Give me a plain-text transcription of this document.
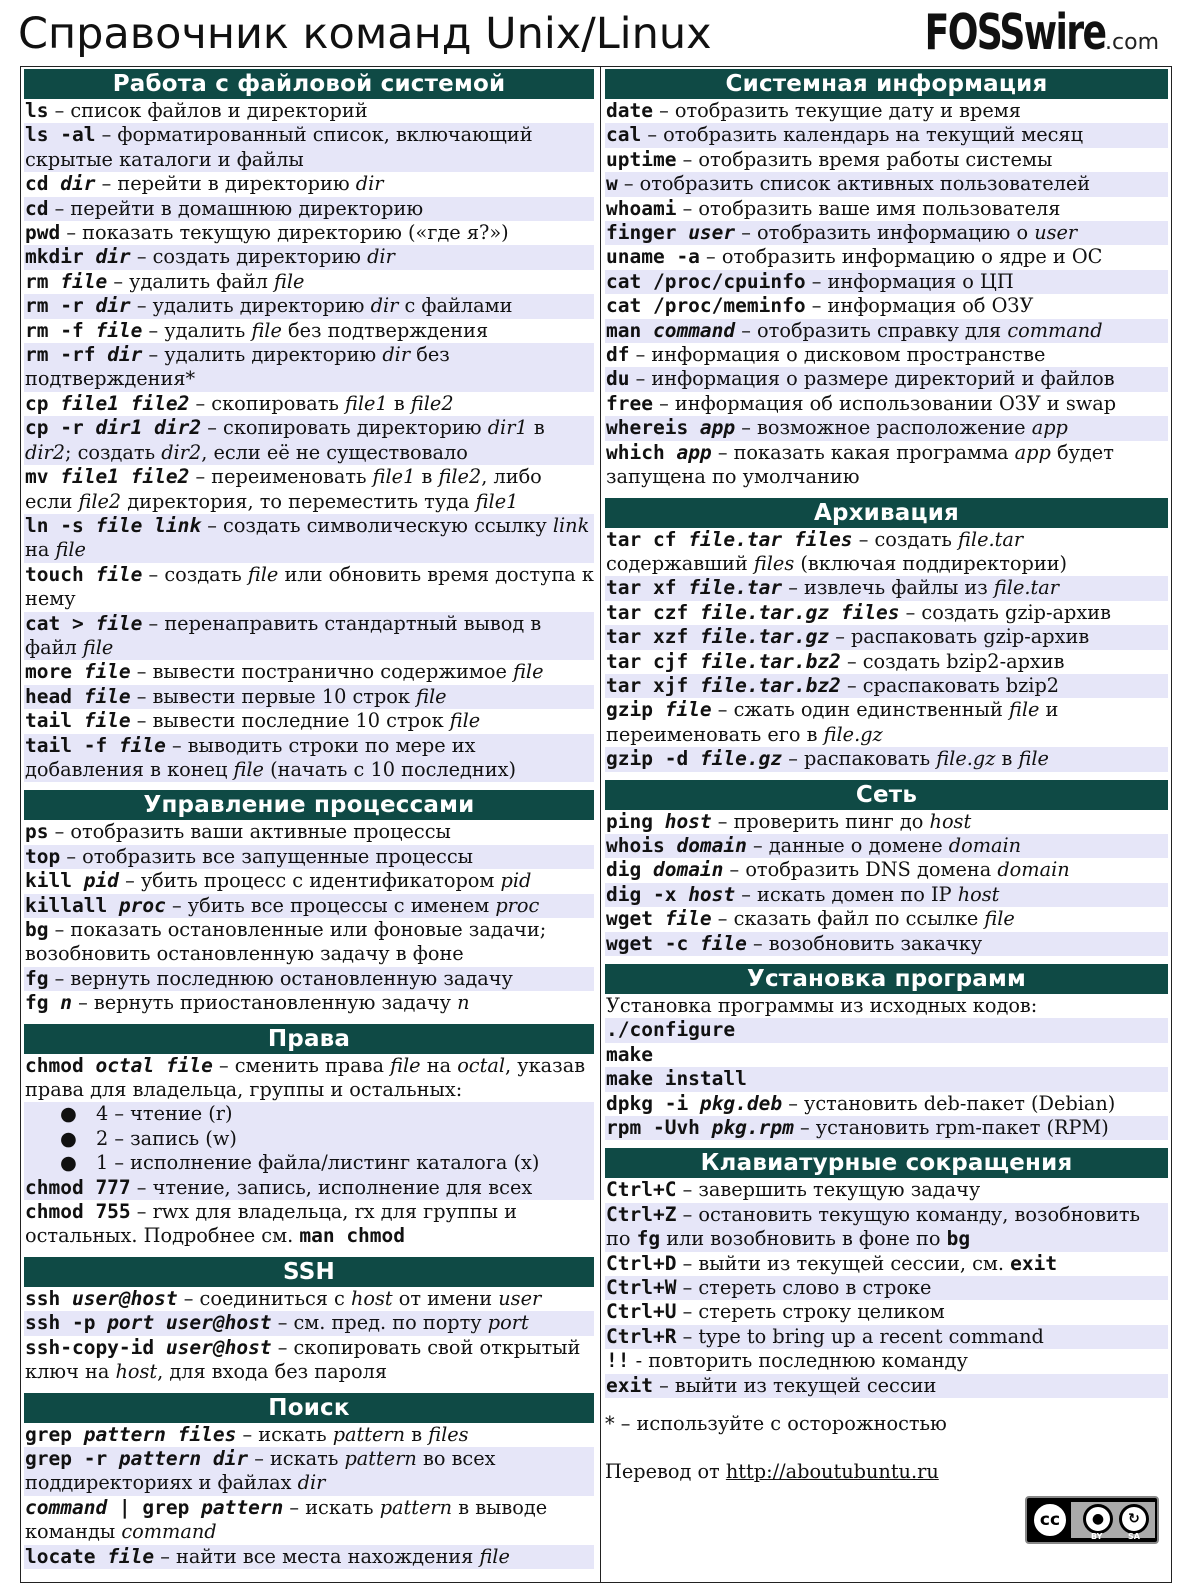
Справочник команд Unix/Linux	FOSSwire.com
Работа с файловой системой
ls – список файлов и директорий
ls -al – форматированный список, включающий скрытые каталоги и файлы
cd dir – перейти в директорию dir
cd – перейти в домашнюю директорию
pwd – показать текущую директорию («где я?»)
mkdir dir – создать директорию dir
rm file – удалить файл file
rm -r dir – удалить директорию dir с файлами
rm -f file – удалить file без подтверждения
rm -rf dir – удалить директорию dir без подтверждения*
cp file1 file2 – скопировать file1 в file2
cp -r dir1 dir2 – скопировать директорию dir1 в dir2; создать dir2, если её не существовало
mv file1 file2 – переименовать file1 в file2, либо если file2 директория, то переместить туда file1
ln -s file link – создать символическую ссылку link на file
touch file – создать file или обновить время доступа к нему
cat > file – перенаправить стандартный вывод в файл file
more file – вывести постранично содержимое file
head file – вывести первые 10 строк file
tail file – вывести последние 10 строк file
tail -f file – выводить строки по мере их добавления в конец file (начать с 10 последних)
Управление процессами
ps – отобразить ваши активные процессы
top – отобразить все запущенные процессы
kill pid – убить процесс с идентификатором pid
killall proc – убить все процессы с именем proc
bg – показать остановленные или фоновые задачи; возобновить остановленную задачу в фоне
fg – вернуть последнюю остановленную задачу
fg n – вернуть приостановленную задачу n
Права
chmod octal file – сменить права file на octal, указав права для владельца, группы и остальных:
● 4 – чтение (r)
● 2 – запись (w)
● 1 – исполнение файла/листинг каталога (x)
chmod 777 – чтение, запись, исполнение для всех
chmod 755 – rwx для владельца, rx для группы и остальных. Подробнее см. man chmod
SSH
ssh user@host – соединиться с host от имени user
ssh -p port user@host – см. пред. по порту port
ssh-copy-id user@host – скопировать свой открытый ключ на host, для входа без пароля
Поиск
grep pattern files – искать pattern в files
grep -r pattern dir – искать pattern во всех поддиректориях и файлах dir
command | grep pattern – искать pattern в выводе команды command
locate file – найти все места нахождения file
Системная информация
date – отобразить текущие дату и время
cal – отобразить календарь на текущий месяц
uptime – отобразить время работы системы
w – отобразить список активных пользователей
whoami – отобразить ваше имя пользователя
finger user – отобразить информацию о user
uname -a – отобразить информацию о ядре и ОС
cat /proc/cpuinfo – информация о ЦП
cat /proc/meminfo – информация об ОЗУ
man command – отобразить справку для command
df – информация о дисковом пространстве
du – информация о размере директорий и файлов
free – информация об использовании ОЗУ и swap
whereis app – возможное расположение app
which app – показать какая программа app будет запущена по умолчанию
Архивация
tar cf file.tar files – создать file.tar содержавший files (включая поддиректории)
tar xf file.tar – извлечь файлы из file.tar
tar czf file.tar.gz files – создать gzip-архив
tar xzf file.tar.gz – распаковать gzip-архив
tar cjf file.tar.bz2 – создать bzip2-архив
tar xjf file.tar.bz2 – сраспаковать bzip2
gzip file – сжать один единственный file и переименовать его в file.gz
gzip -d file.gz – распаковать file.gz в file
Сеть
ping host – проверить пинг до host
whois domain – данные о домене domain
dig domain – отобразить DNS домена domain
dig -x host – искать домен по IP host
wget file – сказать файл по ссылке file
wget -c file – возобновить закачку
Установка программ
Установка программы из исходных кодов:
./configure
make
make install
dpkg -i pkg.deb – установить deb-пакет (Debian)
rpm -Uvh pkg.rpm – установить rpm-пакет (RPM)
Клавиатурные сокращения
Ctrl+C – завершить текущую задачу
Ctrl+Z – остановить текущую команду, возобновить по fg или возобновить в фоне по bg
Ctrl+D – выйти из текущей сессии, см. exit
Ctrl+W – стереть слово в строке
Ctrl+U – стереть строку целиком
Ctrl+R – type to bring up a recent command
!! - повторить последнюю команду
exit – выйти из текущей сессии
* – используйте с осторожностью
Перевод от http://aboutubuntu.ru
cc	●	↻
BY	SA
